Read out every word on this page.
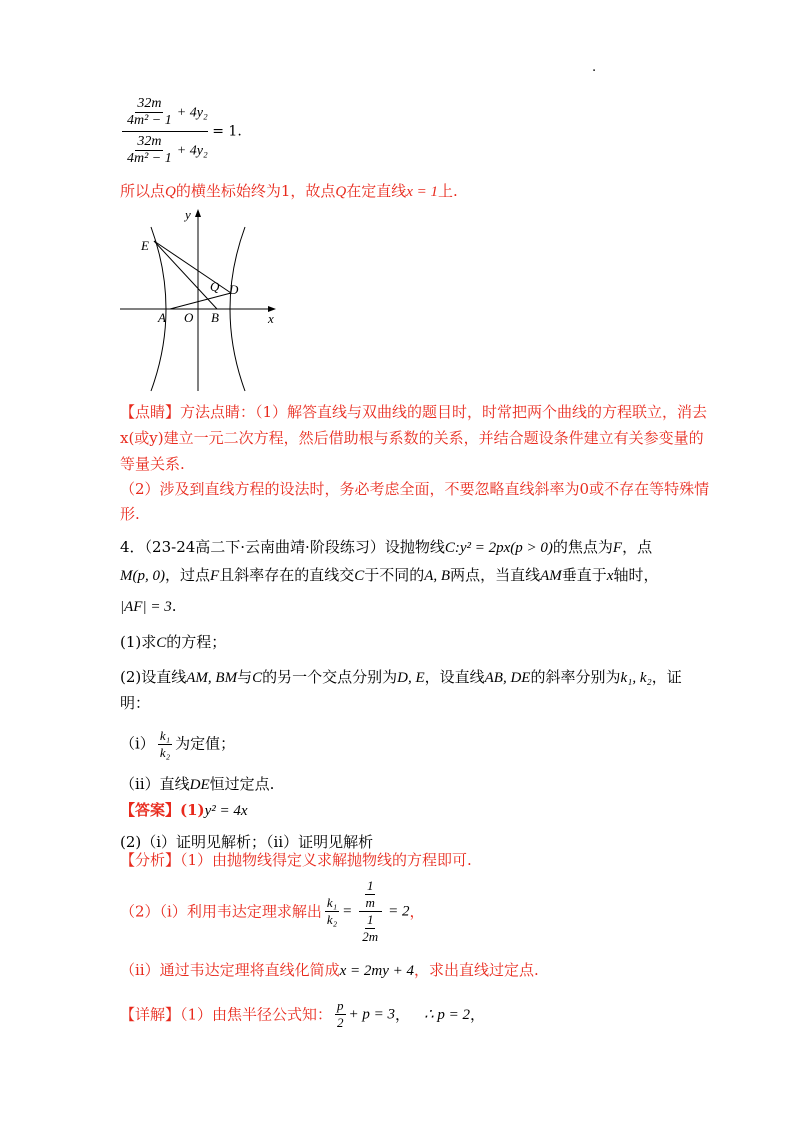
.
$\frac{\frac{32m}{\text{4m² − 1}} + 4y_2}{\frac{32m}{\text{4m² − 1}} + 4y_2} = 1$.
所以点Q的横坐标始终为1，故点Q在定直线x = 1上.
y
x
E
Q D
A O B
【点睛】方法点睛：（1）解答直线与双曲线的题目时，时常把两个曲线的方程联立，消去
x(或y)建立一元二次方程，然后借助根与系数的关系，并结合题设条件建立有关参变量的
等量关系.
（2）涉及到直线方程的设法时，务必考虑全面，不要忽略直线斜率为0或不存在等特殊情
形.
4．（23-24高二下·云南曲靖·阶段练习）设抛物线C:y² = 2px(p > 0)的焦点为F，点
M(p, 0)，过点F且斜率存在的直线交C于不同的A, B两点，当直线AM垂直于x轴时，
|AF| = 3.
(1)求C的方程；
(2)设直线AM, BM与C的另一个交点分别为D, E，设直线AB, DE的斜率分别为k₁, k₂，证
明：
（ⅰ） $\frac{\text{k₁}}{\text{k₂}}$ 为定值；
（ⅱ）直线DE恒过定点.
【答案】(1)y² = 4x
(2)（ⅰ）证明见解析；（ⅱ）证明见解析
【分析】（1）由抛物线得定义求解抛物线的方程即可.
（2）（ⅰ）利用韦达定理求解出 $\frac{\text{k₁}}{\text{k₂}} = \frac{\frac{1}{m}}{\frac{1}{2m}} = 2$，
（ⅱ）通过韦达定理将直线化简成x = 2my + 4，求出直线过定点.
【详解】（1）由焦半径公式知： $\frac{p}{2} + p = 3$， ∴ p = 2，
